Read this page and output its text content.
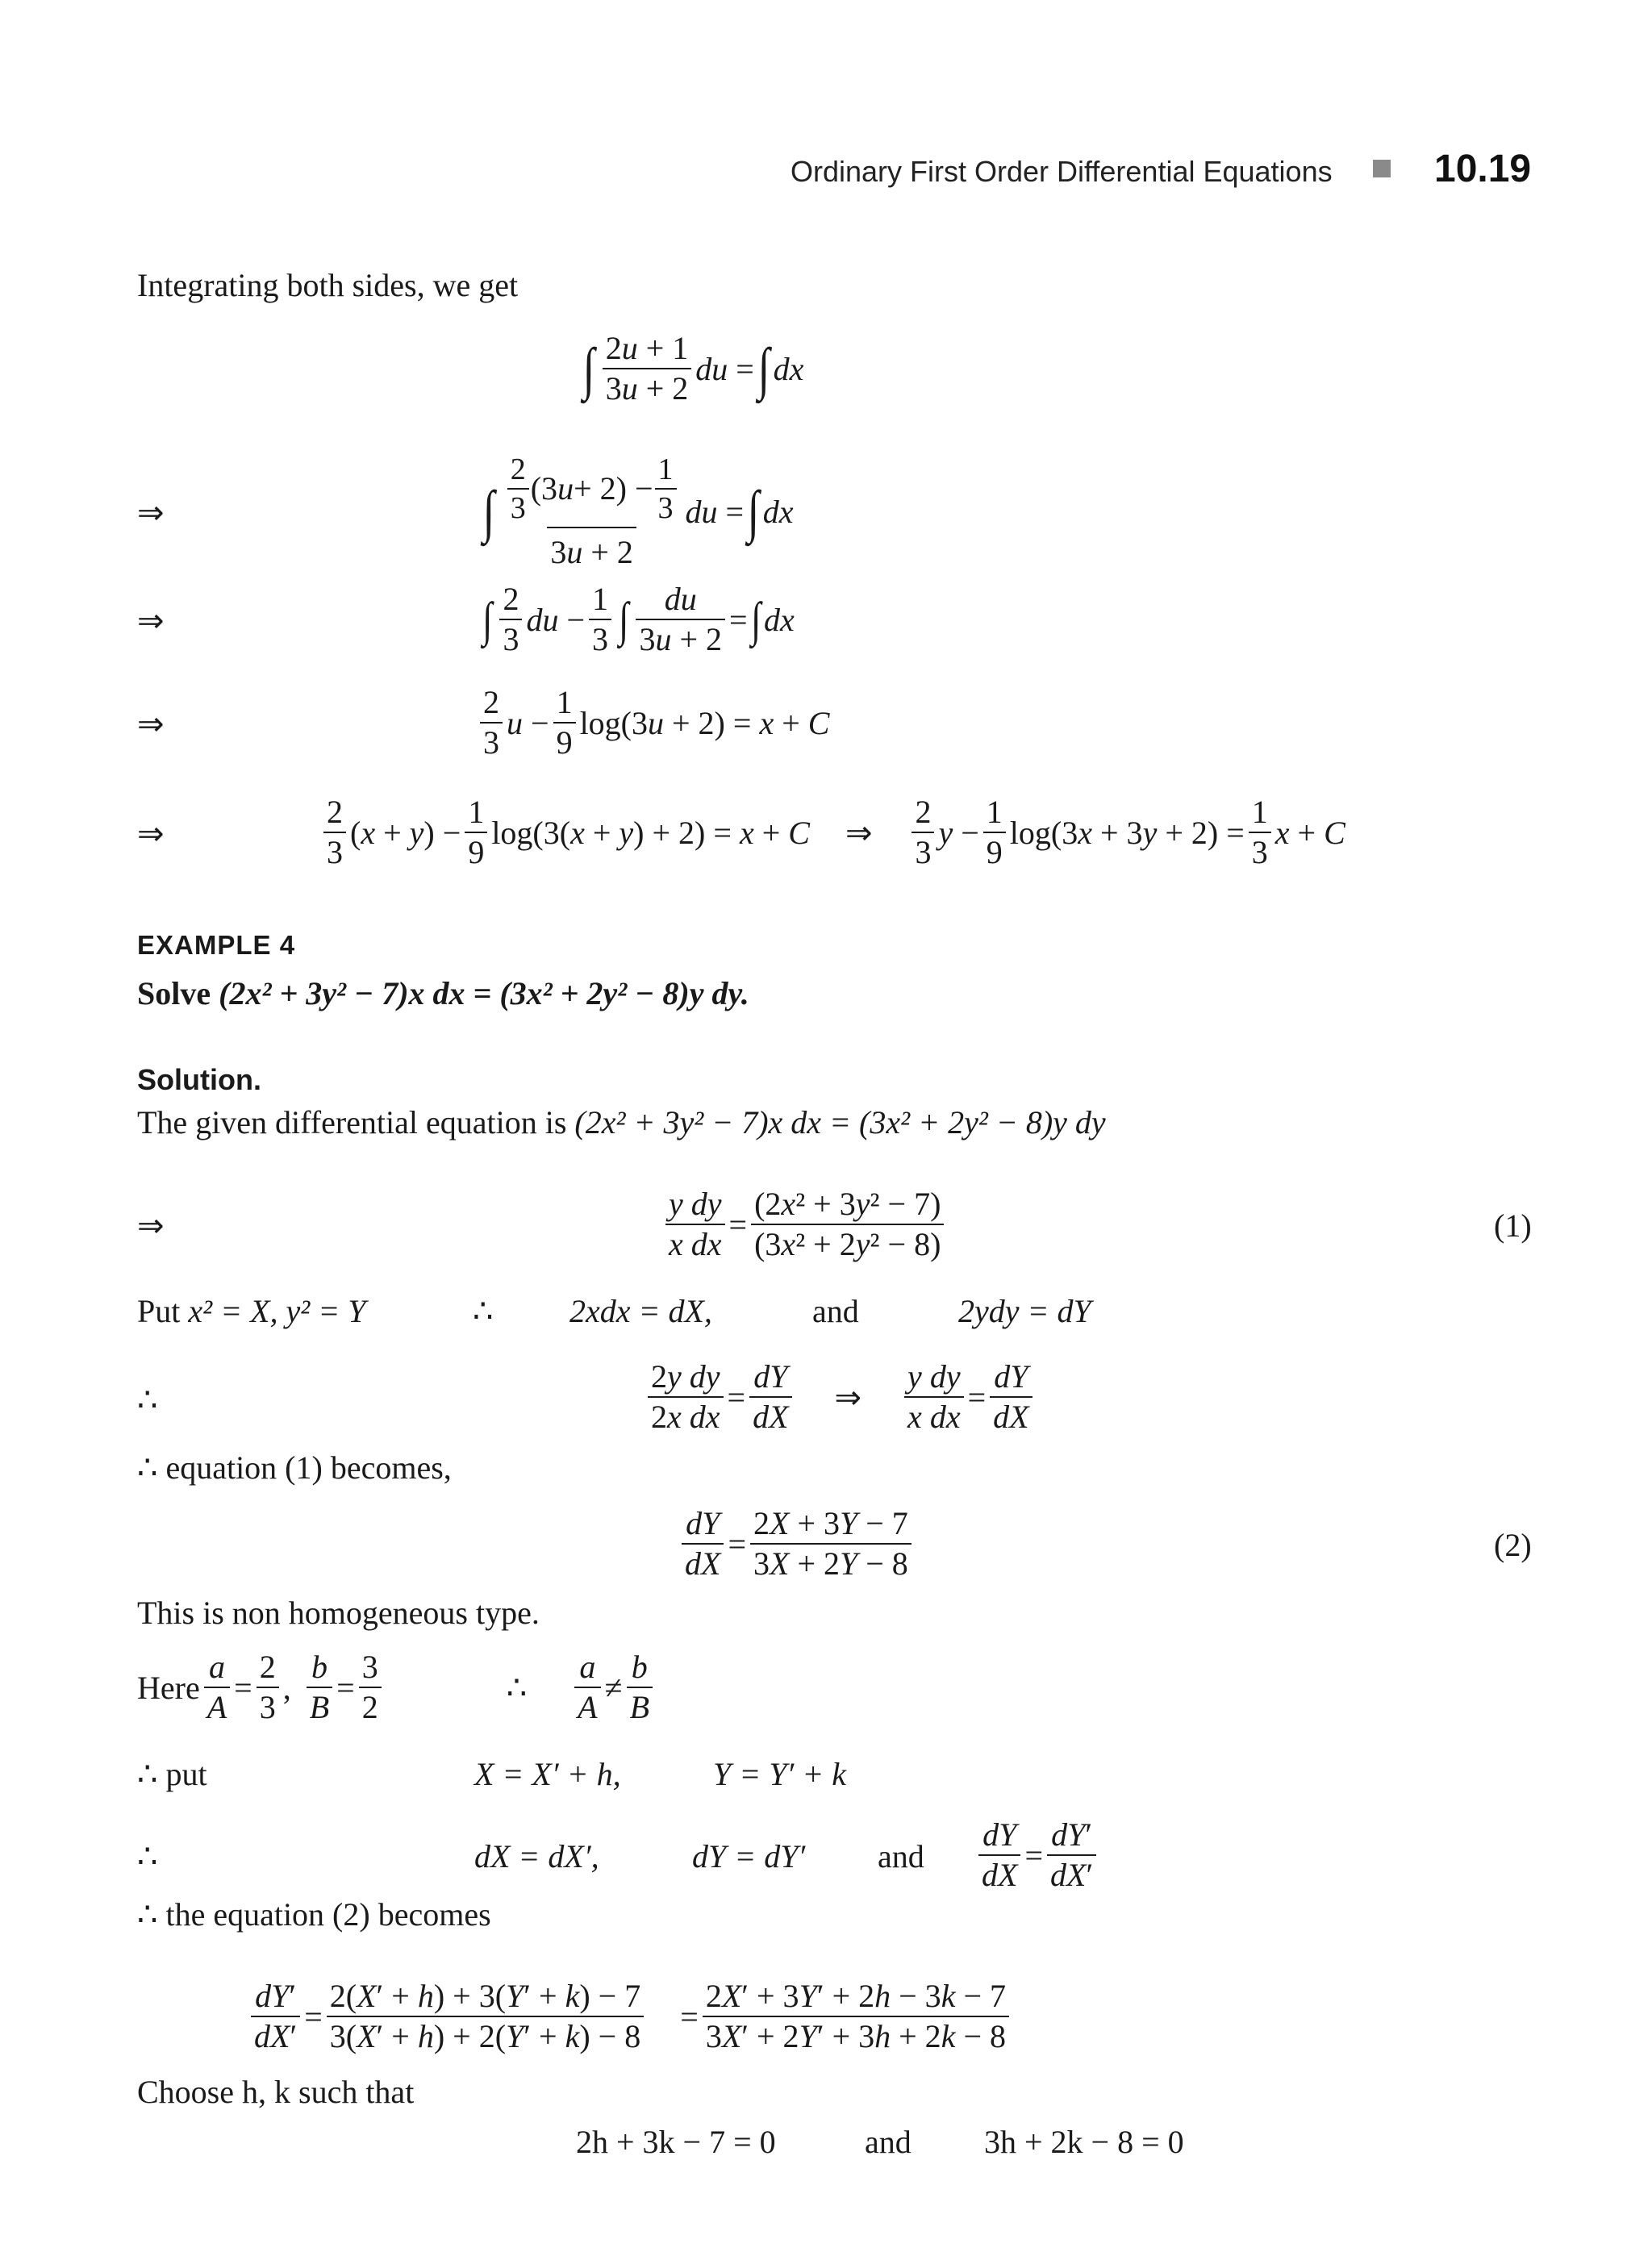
Ordinary First Order Differential Equations	10.19
Integrating both sides, we get
∫ $\frac{2u + 1}{3u + 2}$ du = ∫ dx
⇒	∫ $\frac{\frac{2}{3} (3 u + 2) - \frac{1}{3}}{3u + 2}$ du = ∫ dx
⇒	∫ $\frac{2}{3}$ du − $\frac{1}{3}$ ∫ $\frac{du}{3u + 2}$ = ∫ dx
⇒	$\frac{2}{3}$ $u - \frac{1}{9} \log(3u + 2) = x + C$
⇒	$\frac{2}{3} (x + y) - \frac{1}{9} \log(3(x + y) + 2) = x + C$ ⇒ $\frac{2}{3}$ $y - \frac{1}{9} \log(3x + 3y + 2) = \frac{1}{3}$ x + C
EXAMPLE 4
Solve (2x² + 3y² − 7)x dx = (3x² + 2y² − 8)y dy.
Solution.
The given differential equation is (2x² + 3y² − 7)x dx = (3x² + 2y² − 8)y dy
⇒	$\frac{\text{y dy}}{\text{x dx}} = \frac{\text{(2x² + 3y² − 7)}}{\text{(3x² + 2y² − 8)}}$	(1)
Put x² = X, y² = Y	∴ 2xdx = dX,	and	2ydy = dY
∴	$\frac{\text{2y dy}}{\text{2x dx}} = \frac{dY}{dX}$ ⇒ $\frac{\text{y dy}}{\text{x dx}} = \frac{dY}{dX}$
∴ equation (1) becomes,
$\frac{dY}{dX} = \frac{2X + 3Y - 7}{3X + 2Y - 8}$	(2)
This is non homogeneous type.
Here $\frac{a}{A} = \frac{2}{3}$ , $\frac{b}{B} = \frac{3}{2}$	∴ $\frac{a}{A} \ne \frac{b}{B}$
∴ put	X = X′ + h,	Y = Y′ + k
∴	dX = dX′,	dY = dY′ and $\frac{dY}{dX} = \frac{dY'}{dX'}$
∴ the equation (2) becomes
$\frac{dY'}{dX'} = \frac{2(X' + h) + 3(Y' + k) - 7}{3(X' + h) + 2(Y' + k) - 8} = \frac{2X' + 3Y' + 2h - 3k - 7}{3X' + 2Y' + 3h + 2k - 8}$
Choose h, k such that
2h + 3k − 7 = 0	and 3h + 2k − 8 = 0
